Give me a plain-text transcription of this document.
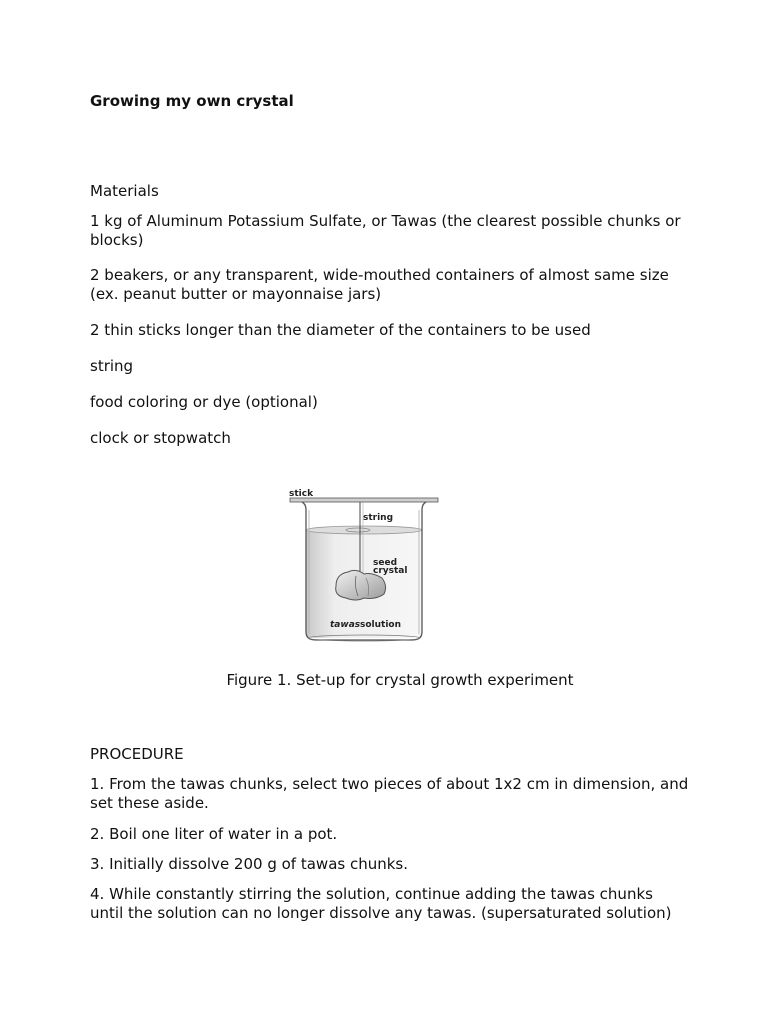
Growing my own crystal

Materials

1 kg of Aluminum Potassium Sulfate, or Tawas (the clearest possible chunks or blocks)

2 beakers, or any transparent, wide-mouthed containers of almost same size (ex. peanut butter or mayonnaise jars)

2 thin sticks longer than the diameter of the containers to be used

string

food coloring or dye (optional)

clock or stopwatch

stick
string
seed
crystal
tawas solution

Figure 1. Set-up for crystal growth experiment

PROCEDURE

1. From the tawas chunks, select two pieces of about 1x2 cm in dimension, and set these aside.

2. Boil one liter of water in a pot.

3. Initially dissolve 200 g of tawas chunks.

4. While constantly stirring the solution, continue adding the tawas chunks until the solution can no longer dissolve any tawas. (supersaturated solution)
